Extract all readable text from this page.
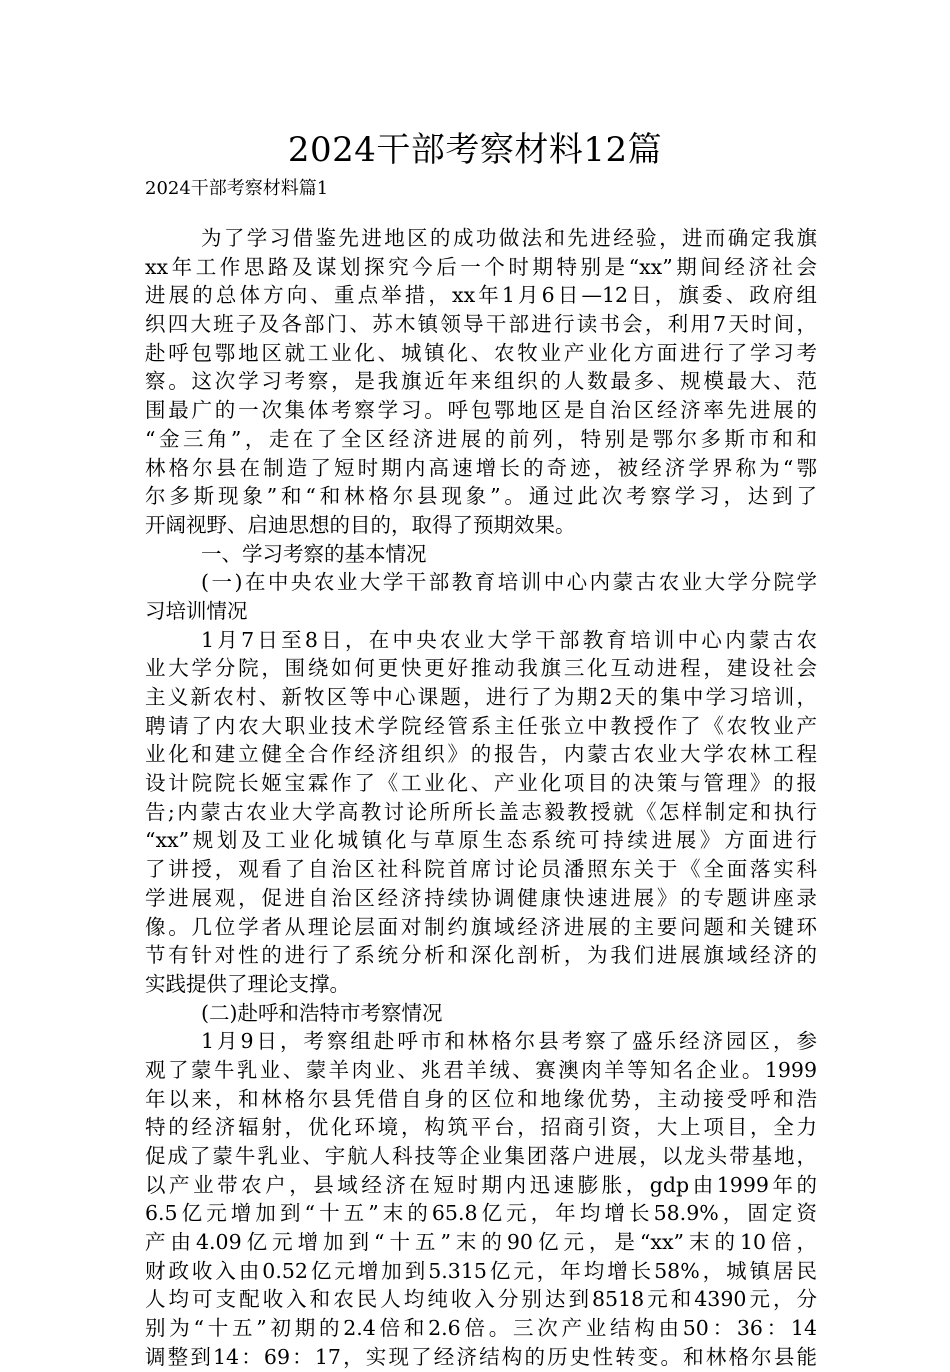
2024干部考察材料12篇
2024干部考察材料篇1
为了学习借鉴先进地区的成功做法和先进经验，进而确定我旗
xx年工作思路及谋划探究今后一个时期特别是“xx”期间经济社会
进展的总体方向、重点举措，xx年1月6日—12日，旗委、政府组
织四大班子及各部门、苏木镇领导干部进行读书会，利用7天时间，
赴呼包鄂地区就工业化、城镇化、农牧业产业化方面进行了学习考
察。这次学习考察，是我旗近年来组织的人数最多、规模最大、范
围最广的一次集体考察学习。呼包鄂地区是自治区经济率先进展的
“金三角”，走在了全区经济进展的前列，特别是鄂尔多斯市和和
林格尔县在制造了短时期内高速增长的奇迹，被经济学界称为“鄂
尔多斯现象”和“和林格尔县现象”。通过此次考察学习，达到了
开阔视野、启迪思想的目的，取得了预期效果。
一、学习考察的基本情况
(一)在中央农业大学干部教育培训中心内蒙古农业大学分院学
习培训情况
1月7日至8日，在中央农业大学干部教育培训中心内蒙古农
业大学分院，围绕如何更快更好推动我旗三化互动进程，建设社会
主义新农村、新牧区等中心课题，进行了为期2天的集中学习培训，
聘请了内农大职业技术学院经管系主任张立中教授作了《农牧业产
业化和建立健全合作经济组织》的报告，内蒙古农业大学农林工程
设计院院长姬宝霖作了《工业化、产业化项目的决策与管理》的报
告;内蒙古农业大学高教讨论所所长盖志毅教授就《怎样制定和执行
“xx”规划及工业化城镇化与草原生态系统可持续进展》方面进行
了讲授，观看了自治区社科院首席讨论员潘照东关于《全面落实科
学进展观，促进自治区经济持续协调健康快速进展》的专题讲座录
像。几位学者从理论层面对制约旗域经济进展的主要问题和关键环
节有针对性的进行了系统分析和深化剖析，为我们进展旗域经济的
实践提供了理论支撑。
(二)赴呼和浩特市考察情况
1月9日，考察组赴呼市和林格尔县考察了盛乐经济园区，参
观了蒙牛乳业、蒙羊肉业、兆君羊绒、赛澳肉羊等知名企业。1999
年以来，和林格尔县凭借自身的区位和地缘优势，主动接受呼和浩
特的经济辐射，优化环境，构筑平台，招商引资，大上项目，全力
促成了蒙牛乳业、宇航人科技等企业集团落户进展，以龙头带基地，
以产业带农户，县域经济在短时期内迅速膨胀，gdp由1999年的
6.5亿元增加到“十五”末的65.8亿元，年均增长58.9%，固定资
产由4.09亿元增加到“十五”末的90亿元，是“xx”末的10倍，
财政收入由0.52亿元增加到5.315亿元，年均增长58%，城镇居民
人均可支配收入和农民人均纯收入分别达到8518元和4390元，分
别为“十五”初期的2.4倍和2.6倍。三次产业结构由50：36：14
调整到14：69：17，实现了经济结构的历史性转变。和林格尔县能
